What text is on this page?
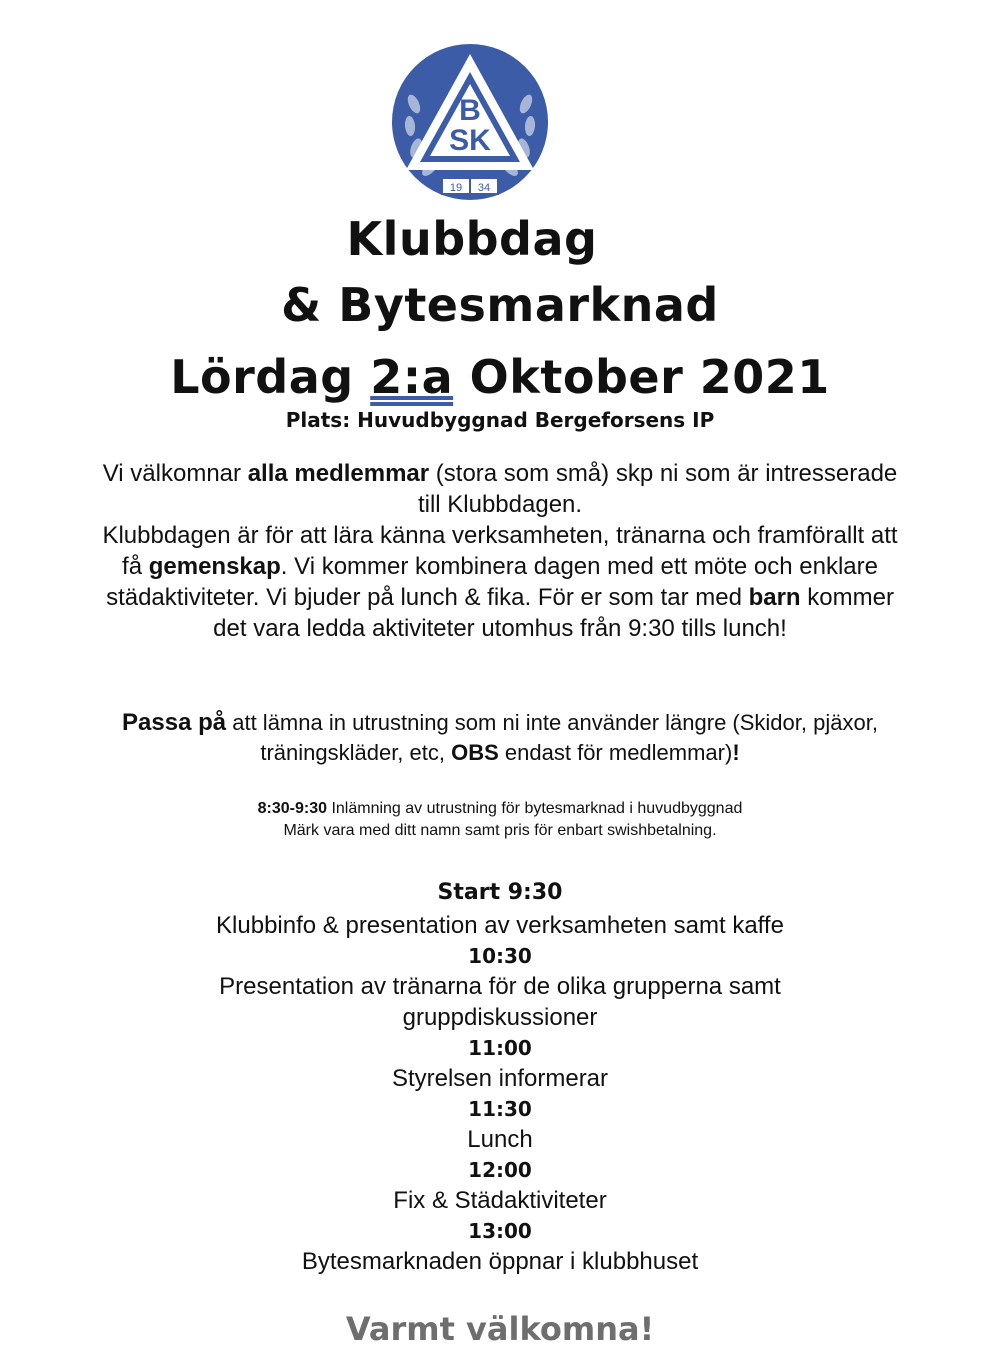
B
SK
19 34
Klubbdag
& Bytesmarknad
Lördag 2:a Oktober 2021
Plats: Huvudbyggnad Bergeforsens IP

Vi välkomnar alla medlemmar (stora som små) skp ni som är intresserade till Klubbdagen.

Klubbdagen är för att lära känna verksamheten, tränarna och framförallt att få gemenskap. Vi kommer kombinera dagen med ett möte och enklare städaktiviteter. Vi bjuder på lunch & fika. För er som tar med barn kommer det vara ledda aktiviteter utomhus från 9:30 tills lunch!

Passa på att lämna in utrustning som ni inte använder längre (Skidor, pjäxor, träningskläder, etc, OBS endast för medlemmar)!
8:30-9:30 Inlämning av utrustning för bytesmarknad i huvudbyggnad
Märk vara med ditt namn samt pris för enbart swishbetalning.
Start 9:30
Klubbinfo & presentation av verksamheten samt kaffe
10:30
Presentation av tränarna för de olika grupperna samt gruppdiskussioner
11:00
Styrelsen informerar
11:30
Lunch
12:00
Fix & Städaktiviteter
13:00
Bytesmarknaden öppnar i klubbhuset
Varmt välkomna!
